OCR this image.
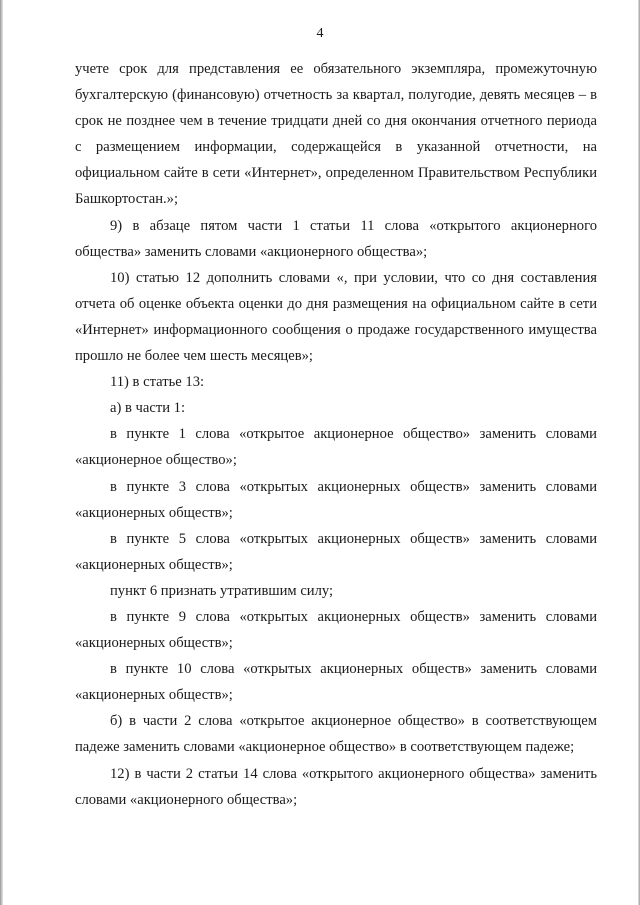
4

учете срок для представления ее обязательного экземпляра, промежуточную бухгалтерскую (финансовую) отчетность за квартал, полугодие, девять месяцев – в срок не позднее чем в течение тридцати дней со дня окончания отчетного периода с размещением информации, содержащейся в указанной отчетности, на официальном сайте в сети «Интернет», определенном Правительством Республики Башкортостан.»;

9) в абзаце пятом части 1 статьи 11 слова «открытого акционерного общества» заменить словами «акционерного общества»;

10) статью 12 дополнить словами «, при условии, что со дня составления отчета об оценке объекта оценки до дня размещения на официальном сайте в сети «Интернет» информационного сообщения о продаже государственного имущества прошло не более чем шесть месяцев»;

11) в статье 13:

а) в части 1:

в пункте 1 слова «открытое акционерное общество» заменить словами «акционерное общество»;

в пункте 3 слова «открытых акционерных обществ» заменить словами «акционерных обществ»;

в пункте 5 слова «открытых акционерных обществ» заменить словами «акционерных обществ»;

пункт 6 признать утратившим силу;

в пункте 9 слова «открытых акционерных обществ» заменить словами «акционерных обществ»;

в пункте 10 слова «открытых акционерных обществ» заменить словами «акционерных обществ»;

б) в части 2 слова «открытое акционерное общество» в соответствующем падеже заменить словами «акционерное общество» в соответствующем падеже;

12) в части 2 статьи 14 слова «открытого акционерного общества» заменить словами «акционерного общества»;
